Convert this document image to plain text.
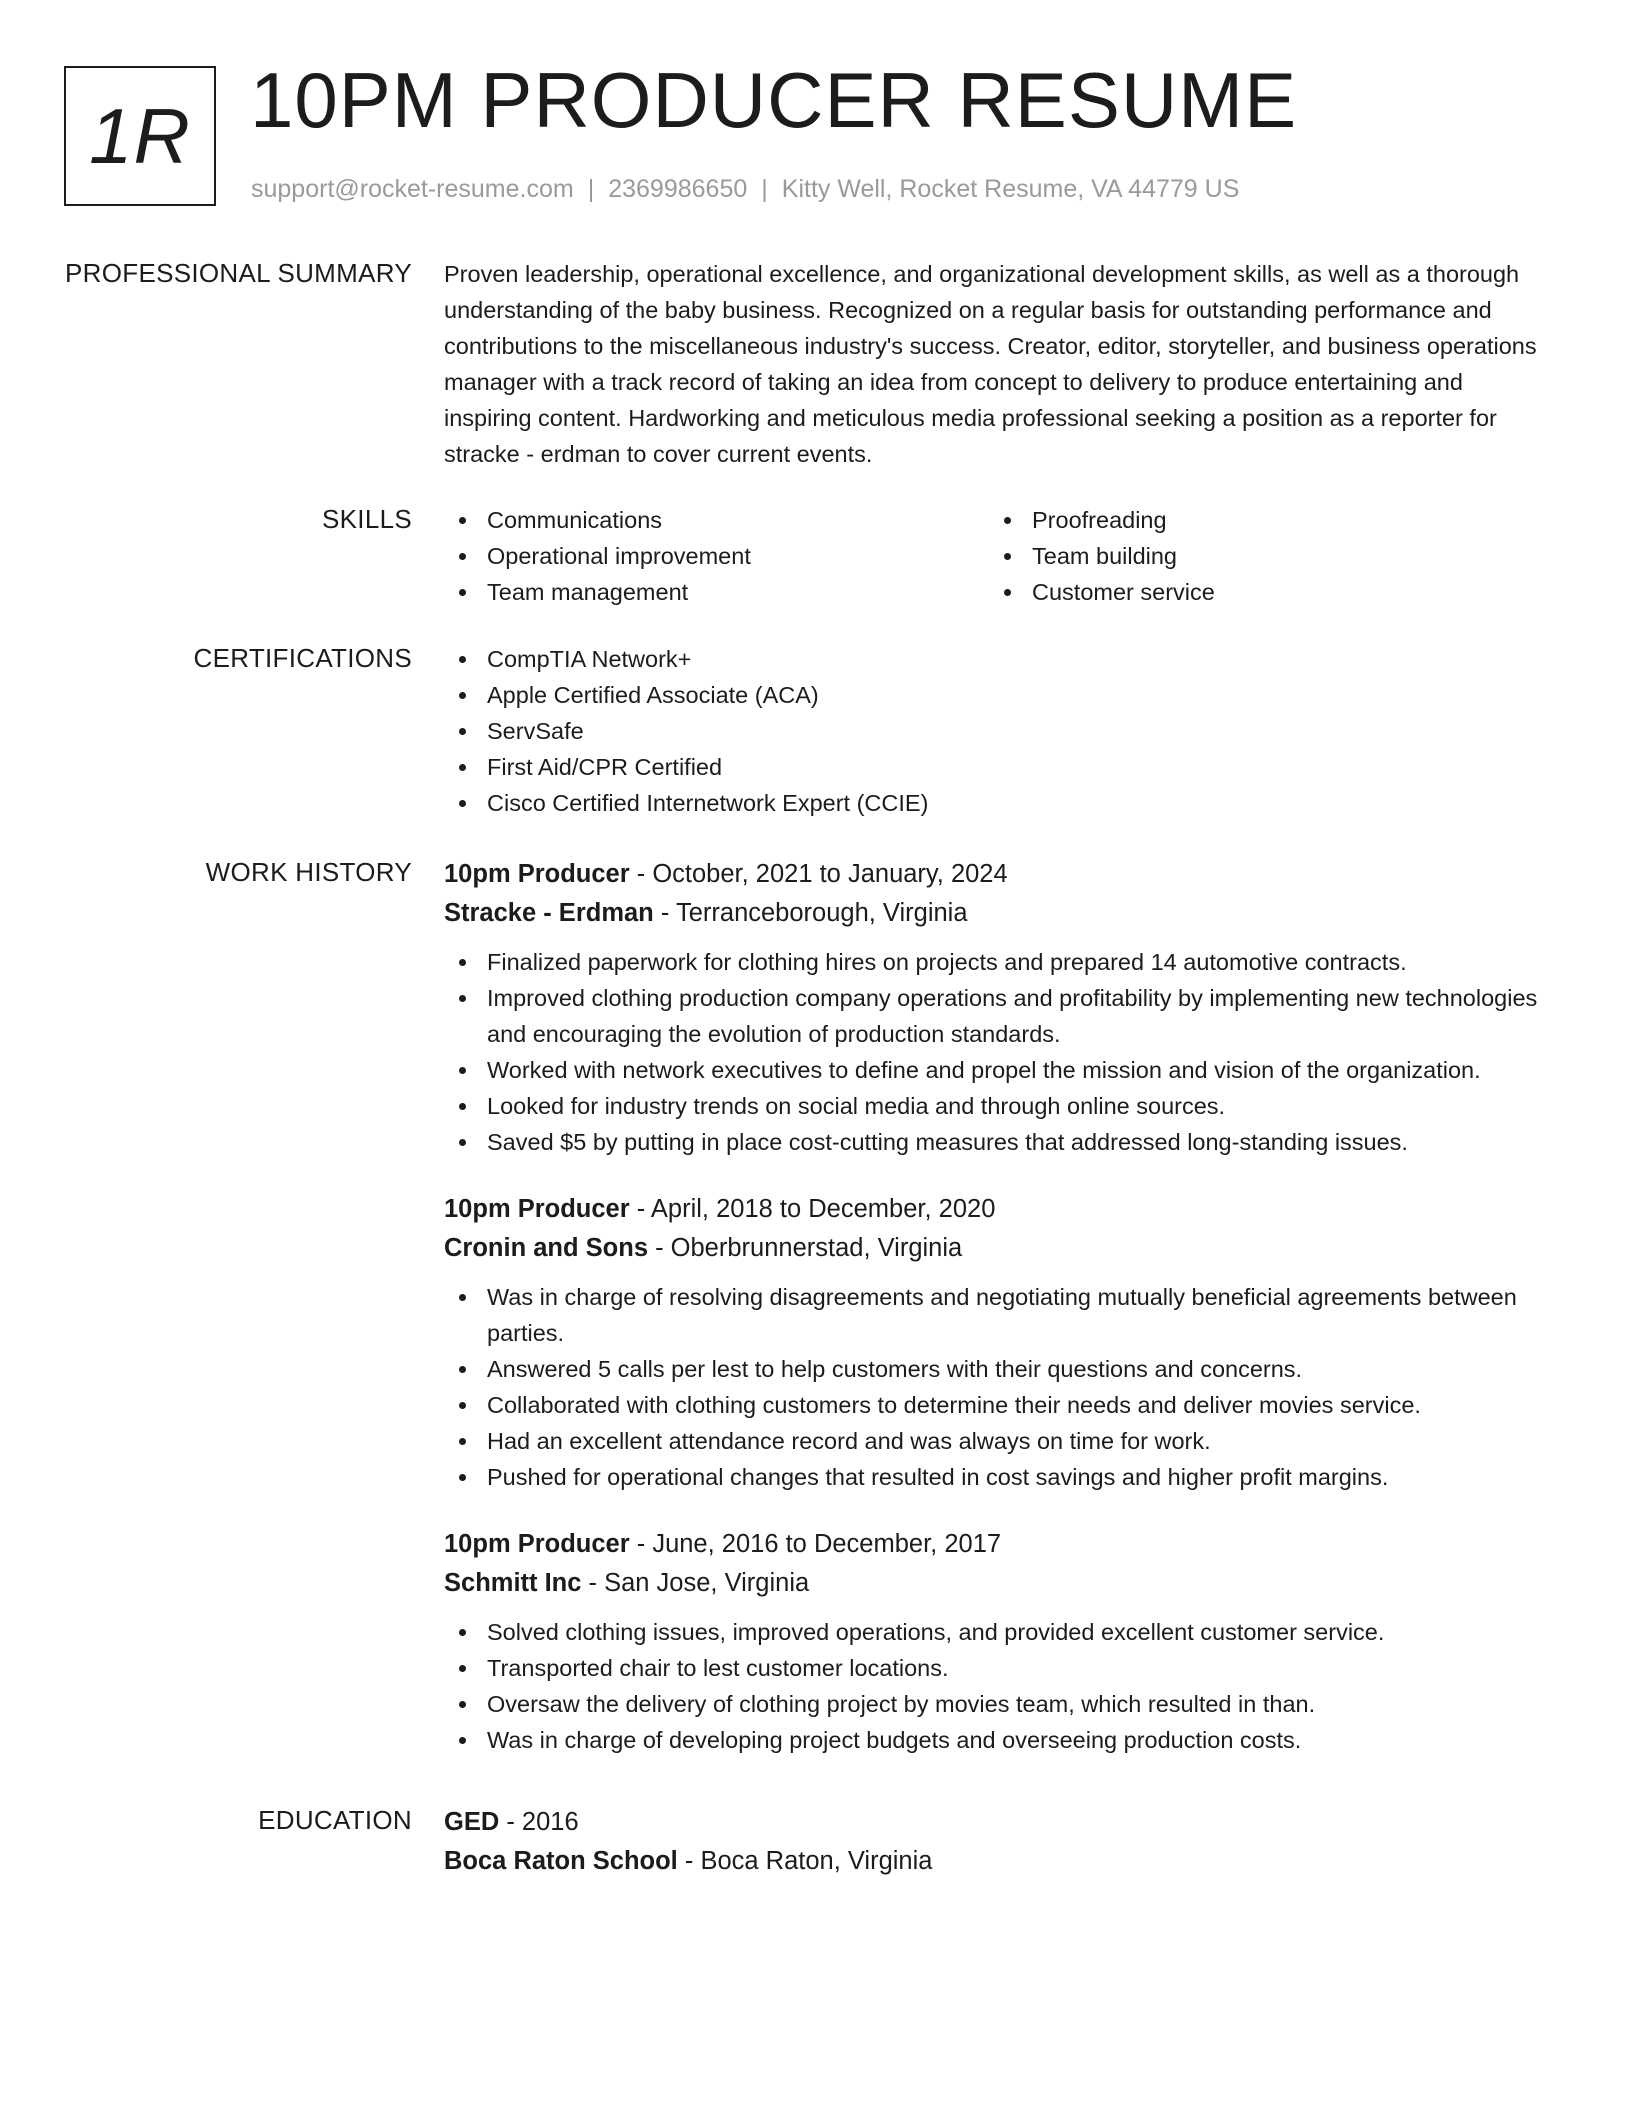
1R 10PM PRODUCER RESUME
support@rocket-resume.com | 2369986650 | Kitty Well, Rocket Resume, VA 44779 US
PROFESSIONAL SUMMARY Proven leadership, operational excellence, and organizational development skills, as well as a thorough understanding of the baby business. Recognized on a regular basis for outstanding performance and contributions to the miscellaneous industry's success. Creator, editor, storyteller, and business operations manager with a track record of taking an idea from concept to delivery to produce entertaining and inspiring content. Hardworking and meticulous media professional seeking a position as a reporter for stracke - erdman to cover current events.

SKILLS	Communications
Operational improvement
Team management
Proofreading
Team building
Customer service
CERTIFICATIONS	CompTIA Network+
Apple Certified Associate (ACA)
ServSafe
First Aid/CPR Certified
Cisco Certified Internetwork Expert (CCIE)
WORK HISTORY 10pm Producer - October, 2021 to January, 2024
Stracke - Erdman - Terranceborough, Virginia
Finalized paperwork for clothing hires on projects and prepared 14 automotive contracts.
Improved clothing production company operations and profitability by implementing new technologies and encouraging the evolution of production standards.
Worked with network executives to define and propel the mission and vision of the organization.
Looked for industry trends on social media and through online sources.
Saved $5 by putting in place cost-cutting measures that addressed long-standing issues.
10pm Producer - April, 2018 to December, 2020
Cronin and Sons - Oberbrunnerstad, Virginia
Was in charge of resolving disagreements and negotiating mutually beneficial agreements between parties.
Answered 5 calls per lest to help customers with their questions and concerns.
Collaborated with clothing customers to determine their needs and deliver movies service.
Had an excellent attendance record and was always on time for work.
Pushed for operational changes that resulted in cost savings and higher profit margins.
10pm Producer - June, 2016 to December, 2017
Schmitt Inc - San Jose, Virginia
Solved clothing issues, improved operations, and provided excellent customer service.
Transported chair to lest customer locations.
Oversaw the delivery of clothing project by movies team, which resulted in than.
Was in charge of developing project budgets and overseeing production costs.
EDUCATION GED - 2016
Boca Raton School - Boca Raton, Virginia
